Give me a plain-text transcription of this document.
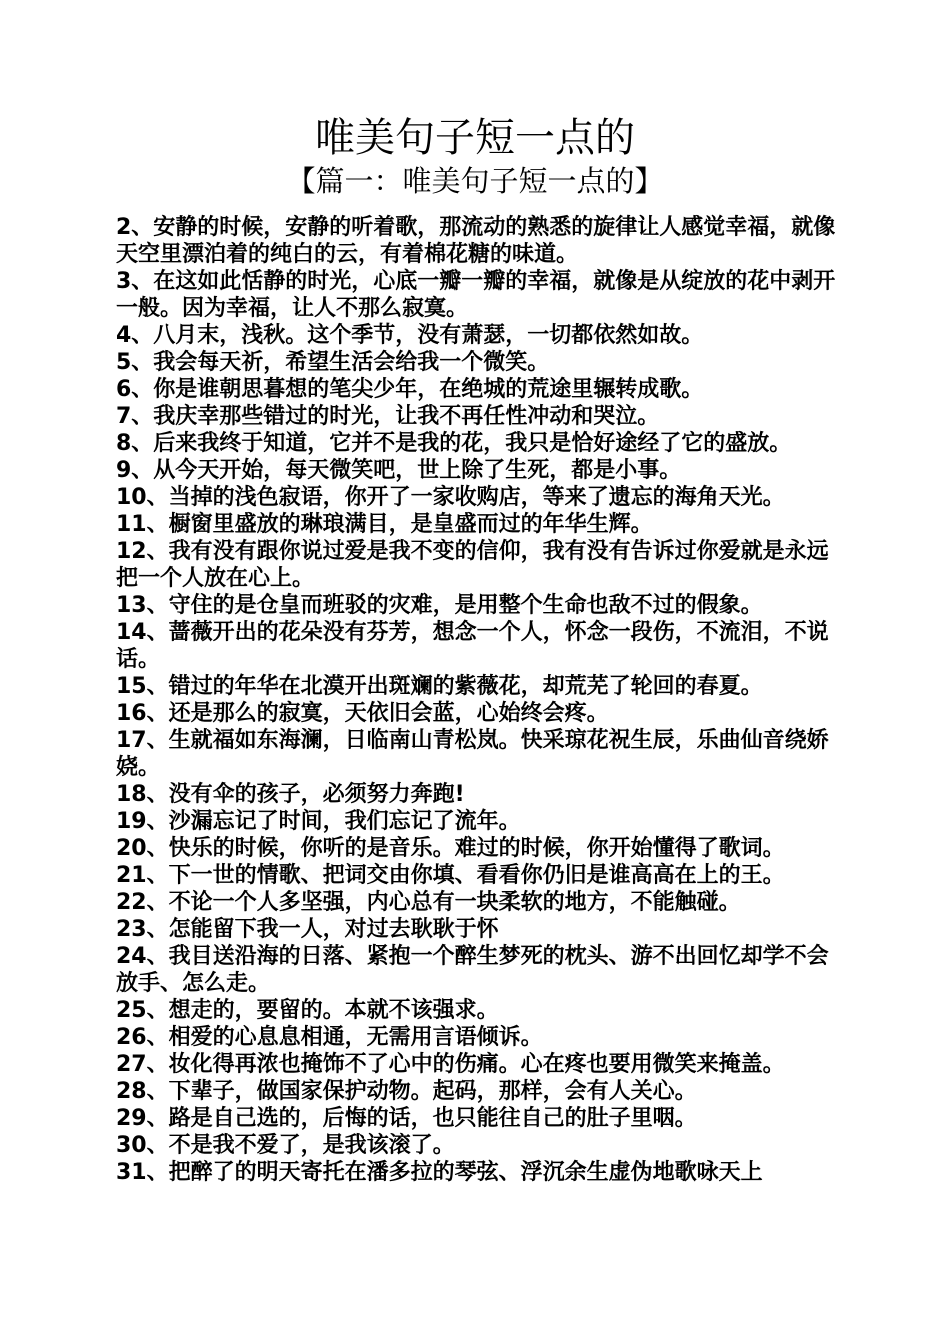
唯美句子短一点的
【篇一：唯美句子短一点的】
2、安静的时候，安静的听着歌，那流动的熟悉的旋律让人感觉幸福，就像天空里漂泊着的纯白的云，有着棉花糖的味道。
3、在这如此恬静的时光，心底一瓣一瓣的幸福，就像是从绽放的花中剥开一般。因为幸福，让人不那么寂寞。
4、八月末，浅秋。这个季节，没有萧瑟，一切都依然如故。
5、我会每天祈，希望生活会给我一个微笑。
6、你是谁朝思暮想的笔尖少年，在绝城的荒途里辗转成歌。
7、我庆幸那些错过的时光，让我不再任性冲动和哭泣。
8、后来我终于知道，它并不是我的花，我只是恰好途经了它的盛放。
9、从今天开始，每天微笑吧，世上除了生死，都是小事。
10、当掉的浅色寂语，你开了一家收购店，等来了遗忘的海角天光。
11、橱窗里盛放的琳琅满目，是皇盛而过的年华生辉。
12、我有没有跟你说过爱是我不变的信仰，我有没有告诉过你爱就是永远把一个人放在心上。
13、守住的是仓皇而班驳的灾难，是用整个生命也敌不过的假象。
14、蔷薇开出的花朵没有芬芳，想念一个人，怀念一段伤，不流泪，不说话。
15、错过的年华在北漠开出斑斓的紫薇花，却荒芜了轮回的春夏。
16、还是那么的寂寞，天依旧会蓝，心始终会疼。
17、生就福如东海澜，日临南山青松岚。快采琼花祝生辰，乐曲仙音绕娇娆。
18、没有伞的孩子，必须努力奔跑!
19、沙漏忘记了时间，我们忘记了流年。
20、快乐的时候，你听的是音乐。难过的时候，你开始懂得了歌词。
21、下一世的情歌、把词交由你填、看看你仍旧是谁高高在上的王。
22、不论一个人多坚强，内心总有一块柔软的地方，不能触碰。
23、怎能留下我一人，对过去耿耿于怀
24、我目送沿海的日落、紧抱一个醉生梦死的枕头、游不出回忆却学不会放手、怎么走。
25、想走的，要留的。本就不该强求。
26、相爱的心息息相通，无需用言语倾诉。
27、妆化得再浓也掩饰不了心中的伤痛。心在疼也要用微笑来掩盖。
28、下辈子，做国家保护动物。起码，那样，会有人关心。
29、路是自己选的，后悔的话，也只能往自己的肚子里咽。
30、不是我不爱了，是我该滚了。
31、把醉了的明天寄托在潘多拉的琴弦、浮沉余生虚伪地歌咏天上
